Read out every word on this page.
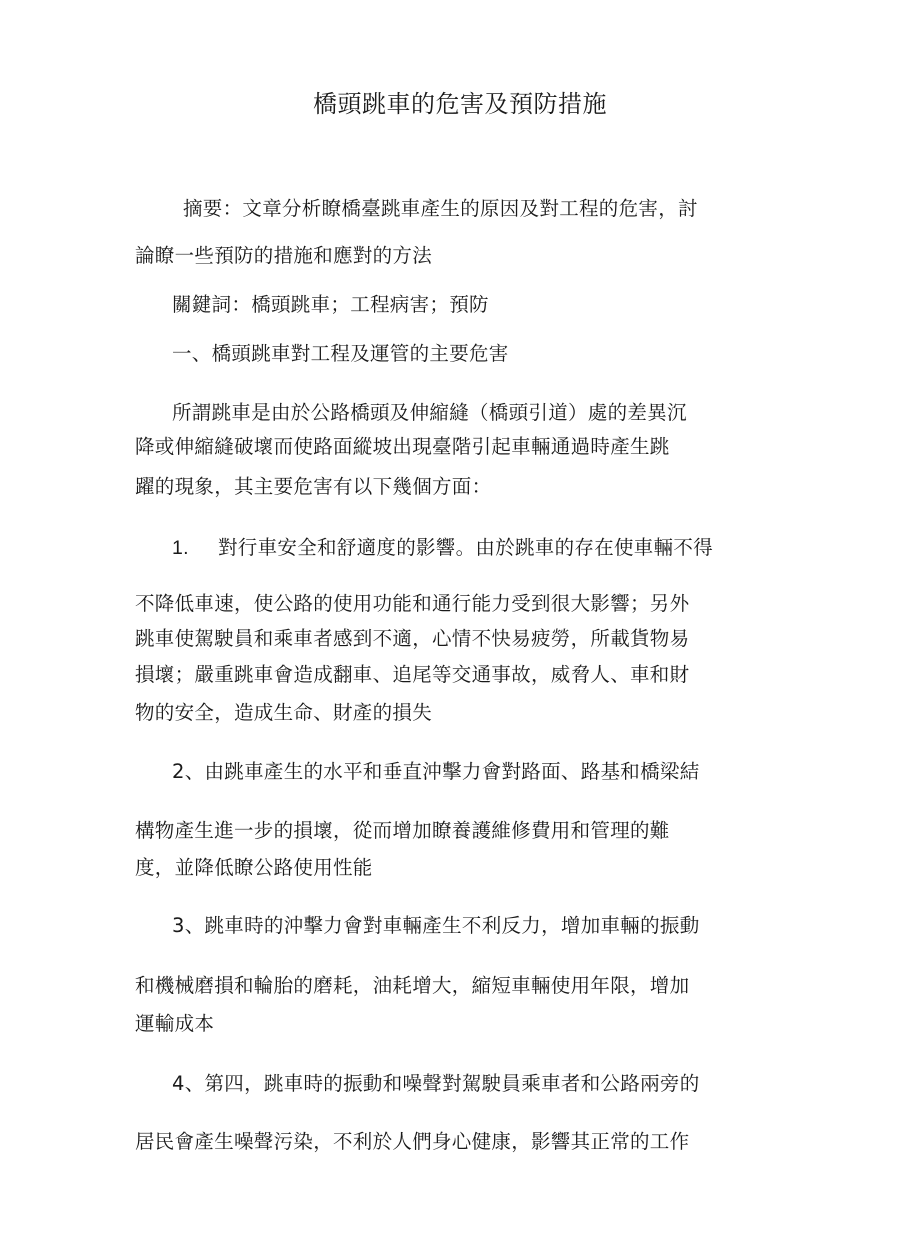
橋頭跳車的危害及預防措施
摘要：文章分析瞭橋臺跳車產生的原因及對工程的危害，討
論瞭一些預防的措施和應對的方法
關鍵詞：橋頭跳車；工程病害；預防
一、橋頭跳車對工程及運管的主要危害
所謂跳車是由於公路橋頭及伸縮縫（橋頭引道）處的差異沉
降或伸縮縫破壞而使路面縱坡出現臺階引起車輛通過時產生跳
躍的現象，其主要危害有以下幾個方面：
1. 對行車安全和舒適度的影響。由於跳車的存在使車輛不得
不降低車速，使公路的使用功能和通行能力受到很大影響；另外
跳車使駕駛員和乘車者感到不適，心情不快易疲勞，所載貨物易
損壞；嚴重跳車會造成翻車、追尾等交通事故，威脅人、車和財
物的安全，造成生命、財產的損失
2、由跳車產生的水平和垂直沖擊力會對路面、路基和橋梁結
構物產生進一步的損壞，從而增加瞭養護維修費用和管理的難
度，並降低瞭公路使用性能
3、跳車時的沖擊力會對車輛產生不利反力，增加車輛的振動
和機械磨損和輪胎的磨耗，油耗增大，縮短車輛使用年限，增加
運輸成本
4、第四，跳車時的振動和噪聲對駕駛員乘車者和公路兩旁的
居民會產生噪聲污染，不利於人們身心健康，影響其正常的工作
